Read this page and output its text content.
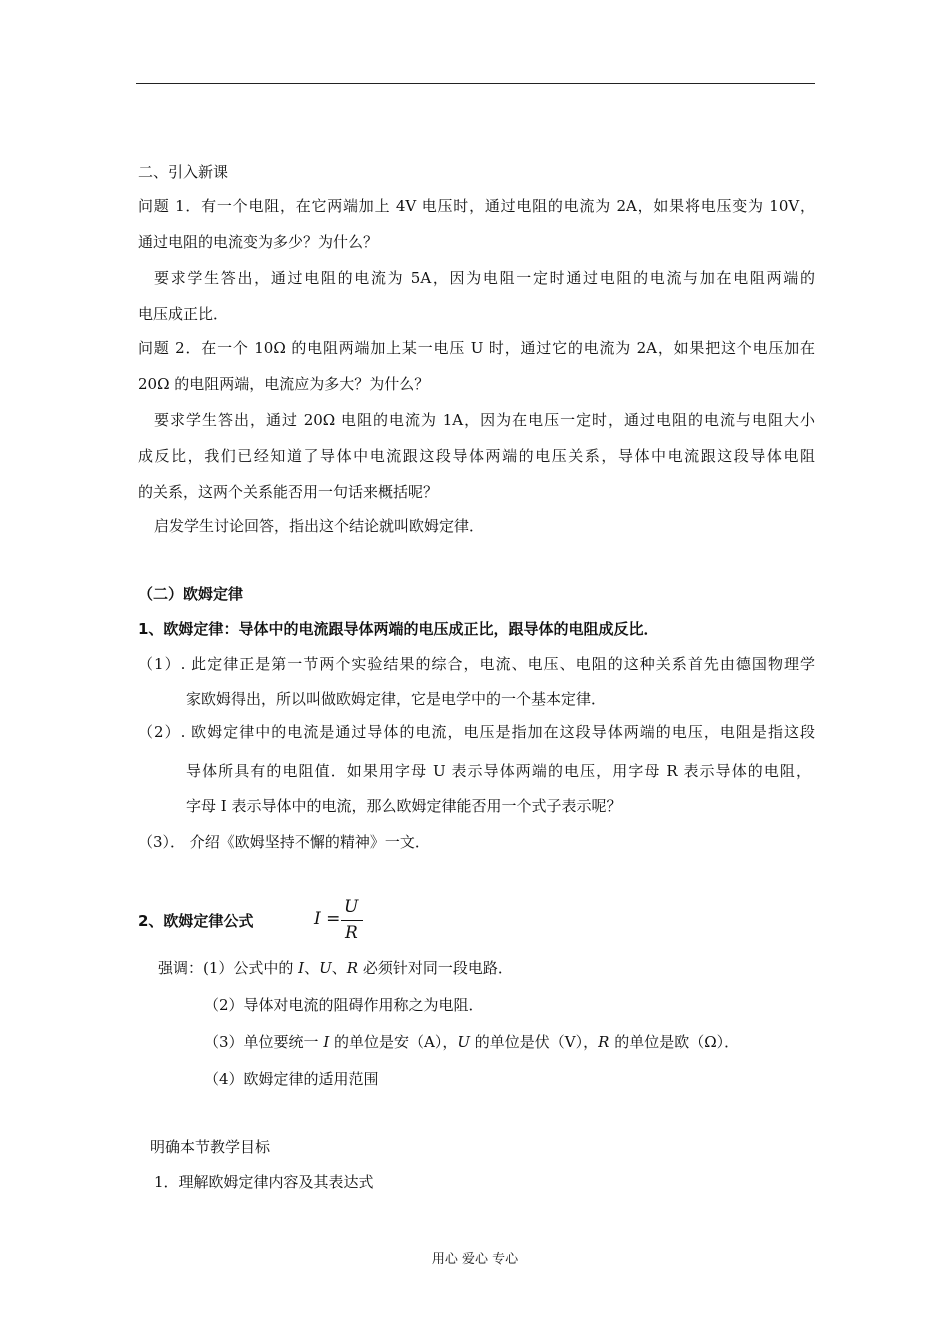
二、引入新课
问题 1．有一个电阻，在它两端加上 4V 电压时，通过电阻的电流为 2A，如果将电压变为 10V，
通过电阻的电流变为多少？为什么？
要求学生答出，通过电阻的电流为 5A，因为电阻一定时通过电阻的电流与加在电阻两端的
电压成正比．
问题 2．在一个 10Ω 的电阻两端加上某一电压 U 时，通过它的电流为 2A，如果把这个电压加在
20Ω 的电阻两端，电流应为多大？为什么？
要求学生答出，通过 20Ω 电阻的电流为 1A，因为在电压一定时，通过电阻的电流与电阻大小
成反比，我们已经知道了导体中电流跟这段导体两端的电压关系，导体中电流跟这段导体电阻
的关系，这两个关系能否用一句话来概括呢？
启发学生讨论回答，指出这个结论就叫欧姆定律．
（二）欧姆定律
1、欧姆定律：导体中的电流跟导体两端的电压成正比，跟导体的电阻成反比．
（1）. 此定律正是第一节两个实验结果的综合，电流、电压、电阻的这种关系首先由德国物理学
家欧姆得出，所以叫做欧姆定律，它是电学中的一个基本定律．
（2）. 欧姆定律中的电流是通过导体的电流，电压是指加在这段导体两端的电压，电阻是指这段
导体所具有的电阻值．如果用字母 U 表示导体两端的电压，用字母 R 表示导体的电阻，
字母 I 表示导体中的电流，那么欧姆定律能否用一个式子表示呢？
（3）． 介绍《欧姆坚持不懈的精神》一文．
2、欧姆定律公式	I =
U
R
强调：(1）公式中的 I、U、R 必须针对同一段电路．
（2）导体对电流的阻碍作用称之为电阻．
（3）单位要统一 I 的单位是安（A），U 的单位是伏（V），R 的单位是欧（Ω）．
（4）欧姆定律的适用范围
明确本节教学目标
1．理解欧姆定律内容及其表达式
用心 爱心 专心
